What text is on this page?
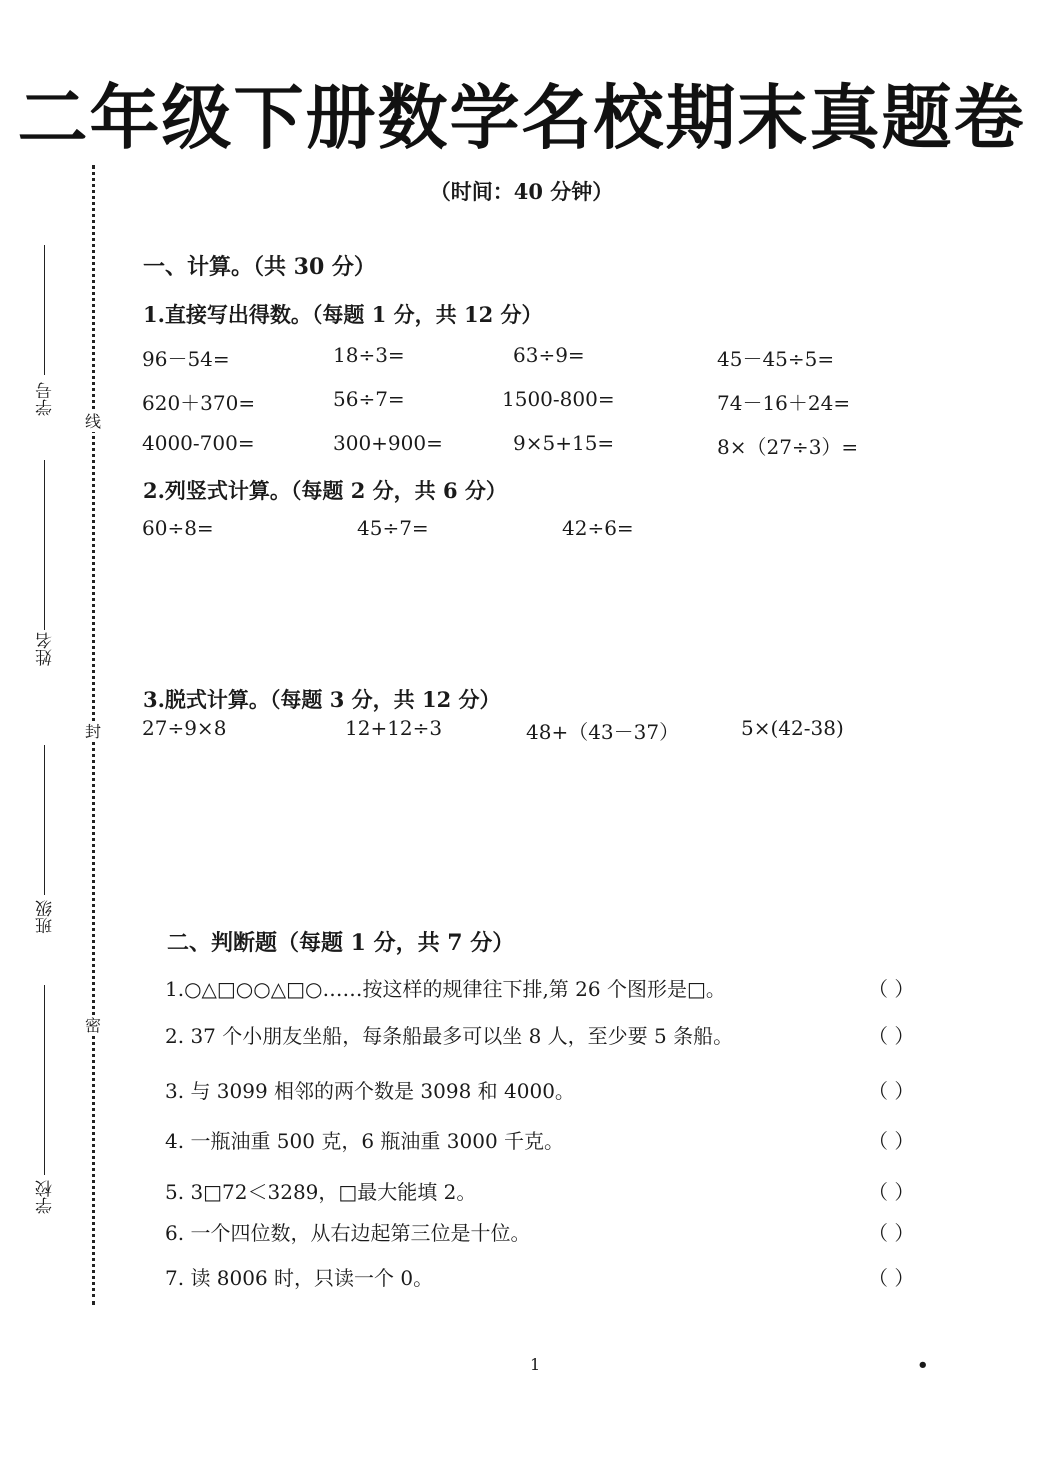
二年级下册数学名校期末真题卷
（时间：40 分钟）
线
封
密
学号
姓名
班级
学校
一、计算。（共 30 分）
1.直接写出得数。（每题 1 分，共 12 分）
96－54=	18÷3=	63÷9=	45－45÷5=
620＋370=	56÷7=	1500-800=	74－16＋24=
4000-700=	300+900=	9×5+15=	8×（27÷3）=
2.列竖式计算。（每题 2 分，共 6 分）
60÷8=	45÷7=	42÷6=
3.脱式计算。（每题 3 分，共 12 分）
27÷9×8	12+12÷3	48+（43－37）	5×(42-38)
二、判断题（每题 1 分，共 7 分）
1.○△□○○△□○……按这样的规律往下排,第 26 个图形是□。	（ ）
2. 37 个小朋友坐船，每条船最多可以坐 8 人，至少要 5 条船。	（ ）
3. 与 3099 相邻的两个数是 3098 和 4000。	（ ）
4. 一瓶油重 500 克，6 瓶油重 3000 千克。	（ ）
5. 3□72＜3289，□最大能填 2。	（ ）
6. 一个四位数，从右边起第三位是十位。	（ ）
7. 读 8006 时，只读一个 0。	（ ）
1	•
